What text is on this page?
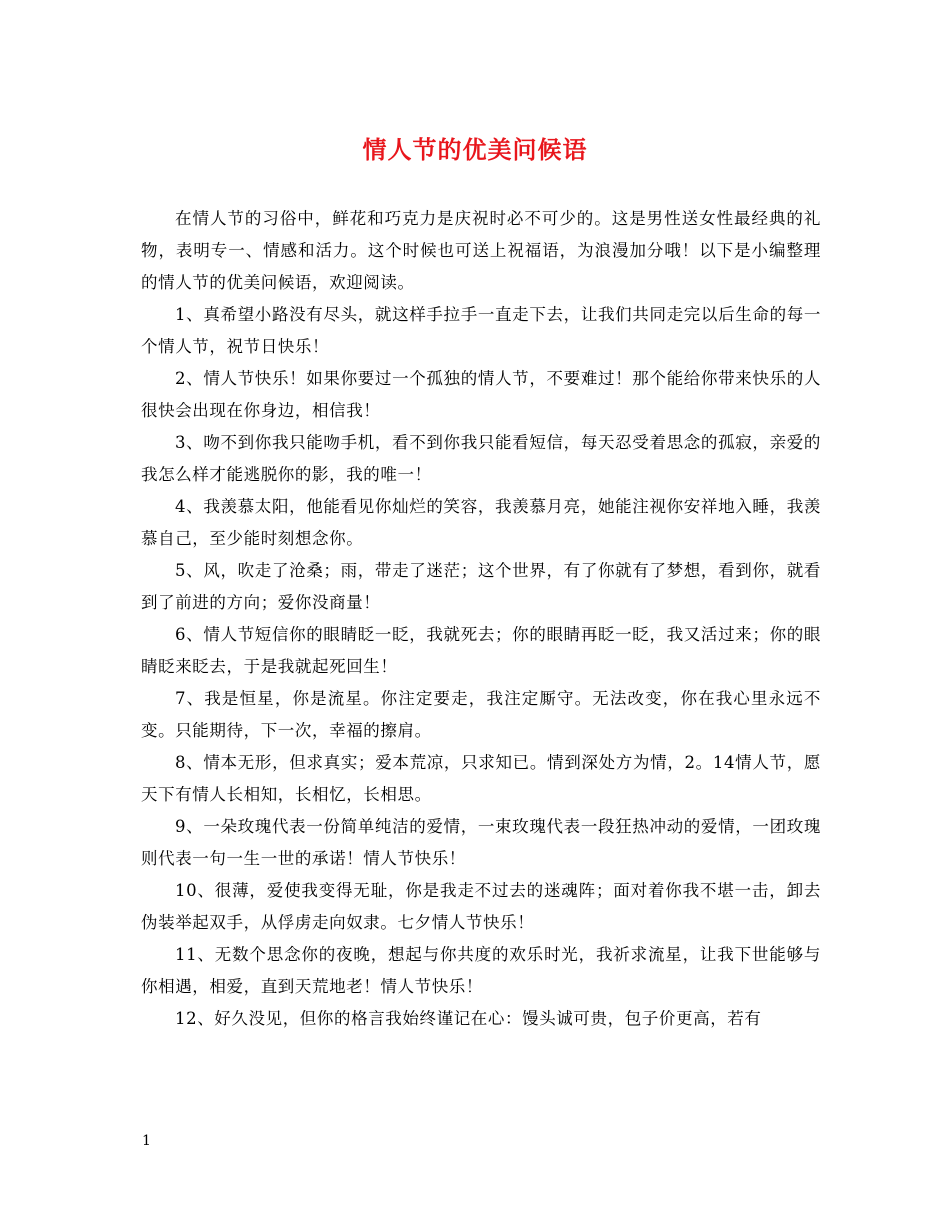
情人节的优美问候语

在情人节的习俗中，鲜花和巧克力是庆祝时必不可少的。这是男性送女性最经典的礼物，表明专一、情感和活力。这个时候也可送上祝福语，为浪漫加分哦！以下是小编整理的情人节的优美问候语，欢迎阅读。

1、真希望小路没有尽头，就这样手拉手一直走下去，让我们共同走完以后生命的每一个情人节，祝节日快乐！

2、情人节快乐！如果你要过一个孤独的情人节，不要难过！那个能给你带来快乐的人很快会出现在你身边，相信我！

3、吻不到你我只能吻手机，看不到你我只能看短信，每天忍受着思念的孤寂，亲爱的我怎么样才能逃脱你的影，我的唯一！

4、我羡慕太阳，他能看见你灿烂的笑容，我羡慕月亮，她能注视你安祥地入睡，我羡慕自己，至少能时刻想念你。

5、风，吹走了沧桑；雨，带走了迷茫；这个世界，有了你就有了梦想，看到你，就看到了前进的方向；爱你没商量！

6、情人节短信你的眼睛眨一眨，我就死去；你的眼睛再眨一眨，我又活过来；你的眼睛眨来眨去，于是我就起死回生！

7、我是恒星，你是流星。你注定要走，我注定厮守。无法改变，你在我心里永远不变。只能期待，下一次，幸福的擦肩。

8、情本无形，但求真实；爱本荒凉，只求知已。情到深处方为情，2。14情人节，愿天下有情人长相知，长相忆，长相思。

9、一朵玫瑰代表一份简单纯洁的爱情，一束玫瑰代表一段狂热冲动的爱情，一团玫瑰则代表一句一生一世的承诺！情人节快乐！

10、很薄，爱使我变得无耻，你是我走不过去的迷魂阵；面对着你我不堪一击，卸去伪装举起双手，从俘虏走向奴隶。七夕情人节快乐！

11、无数个思念你的夜晚，想起与你共度的欢乐时光，我祈求流星，让我下世能够与你相遇，相爱，直到天荒地老！情人节快乐！

12、好久没见，但你的格言我始终谨记在心：馒头诚可贵，包子价更高，若有

1
